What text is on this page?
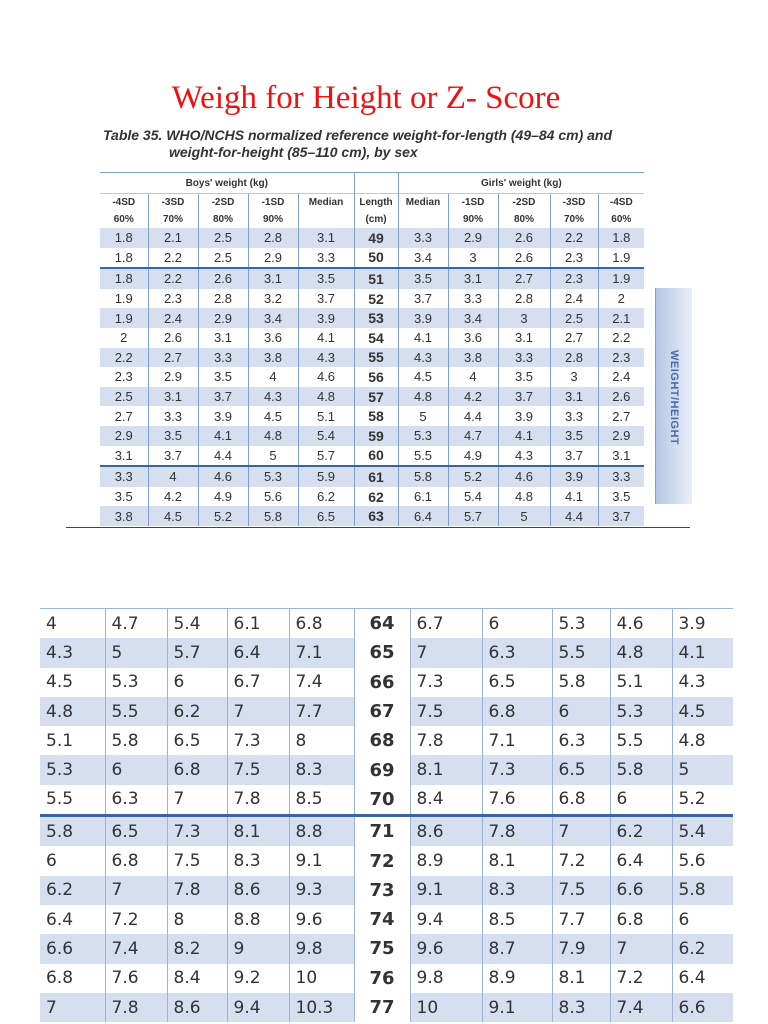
Weigh for Height or Z- Score
Table 35. WHO/NCHS normalized reference weight-for-length (49–84 cm) and
weight-for-height (85–110 cm), by sex
Boys' weight (kg)						Girls' weight (kg)				
-4SD	-3SD	-2SD	-1SD	Median	Length	Median	-1SD	-2SD	-3SD	-4SD
60%	70%	80%	90%		(cm)		90%	80%	70%	60%
1.8	2.1	2.5	2.8	3.1	49	3.3	2.9	2.6	2.2	1.8
1.8	2.2	2.5	2.9	3.3	50	3.4	3	2.6	2.3	1.9
1.8	2.2	2.6	3.1	3.5	51	3.5	3.1	2.7	2.3	1.9
1.9	2.3	2.8	3.2	3.7	52	3.7	3.3	2.8	2.4	2
1.9	2.4	2.9	3.4	3.9	53	3.9	3.4	3	2.5	2.1
2	2.6	3.1	3.6	4.1	54	4.1	3.6	3.1	2.7	2.2
2.2	2.7	3.3	3.8	4.3	55	4.3	3.8	3.3	2.8	2.3
2.3	2.9	3.5	4	4.6	56	4.5	4	3.5	3	2.4
2.5	3.1	3.7	4.3	4.8	57	4.8	4.2	3.7	3.1	2.6
2.7	3.3	3.9	4.5	5.1	58	5	4.4	3.9	3.3	2.7
2.9	3.5	4.1	4.8	5.4	59	5.3	4.7	4.1	3.5	2.9
3.1	3.7	4.4	5	5.7	60	5.5	4.9	4.3	3.7	3.1
3.3	4	4.6	5.3	5.9	61	5.8	5.2	4.6	3.9	3.3
3.5	4.2	4.9	5.6	6.2	62	6.1	5.4	4.8	4.1	3.5
3.8	4.5	5.2	5.8	6.5	63	6.4	5.7	5	4.4	3.7
WEIGHT/HEIGHT
4	4.7	5.4	6.1	6.8	64	6.7	6	5.3	4.6	3.9
4.3	5	5.7	6.4	7.1	65	7	6.3	5.5	4.8	4.1
4.5	5.3	6	6.7	7.4	66	7.3	6.5	5.8	5.1	4.3
4.8	5.5	6.2	7	7.7	67	7.5	6.8	6	5.3	4.5
5.1	5.8	6.5	7.3	8	68	7.8	7.1	6.3	5.5	4.8
5.3	6	6.8	7.5	8.3	69	8.1	7.3	6.5	5.8	5
5.5	6.3	7	7.8	8.5	70	8.4	7.6	6.8	6	5.2
5.8	6.5	7.3	8.1	8.8	71	8.6	7.8	7	6.2	5.4
6	6.8	7.5	8.3	9.1	72	8.9	8.1	7.2	6.4	5.6
6.2	7	7.8	8.6	9.3	73	9.1	8.3	7.5	6.6	5.8
6.4	7.2	8	8.8	9.6	74	9.4	8.5	7.7	6.8	6
6.6	7.4	8.2	9	9.8	75	9.6	8.7	7.9	7	6.2
6.8	7.6	8.4	9.2	10	76	9.8	8.9	8.1	7.2	6.4
7	7.8	8.6	9.4	10.3	77	10	9.1	8.3	7.4	6.6
